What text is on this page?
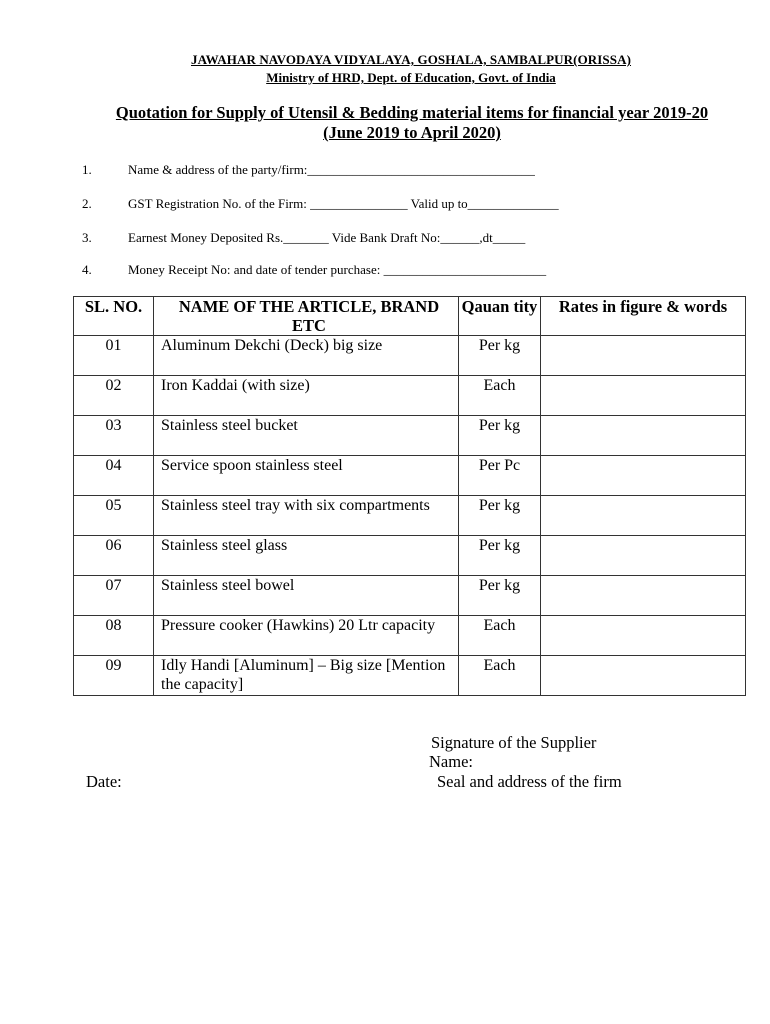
JAWAHAR NAVODAYA VIDYALAYA, GOSHALA, SAMBALPUR(ORISSA)
Ministry of HRD, Dept. of Education, Govt. of India
Quotation for Supply of Utensil & Bedding material items for financial year 2019-20
(June 2019 to April 2020)
1.	Name & address of the party/firm:___________________________________
2.	GST Registration No. of the Firm: _______________ Valid up to______________
3.	Earnest Money Deposited Rs._______ Vide Bank Draft No:______,dt_____
4.	Money Receipt No: and date of tender purchase: _________________________
SL. NO.	NAME OF THE ARTICLE, BRAND ETC	Qauan tity	Rates in figure & words
01	Aluminum Dekchi (Deck) big size	Per kg	
02	Iron Kaddai (with size)	Each	
03	Stainless steel bucket	Per kg	
04	Service spoon stainless steel	Per Pc	
05	Stainless steel tray with six compartments	Per kg	
06	Stainless steel glass	Per kg	
07	Stainless steel bowel	Per kg	
08	Pressure cooker (Hawkins) 20 Ltr capacity	Each	
09	Idly Handi [Aluminum] – Big size [Mention the capacity]	Each	
Signature of the Supplier
Name:
Seal and address of the firm
Date:
